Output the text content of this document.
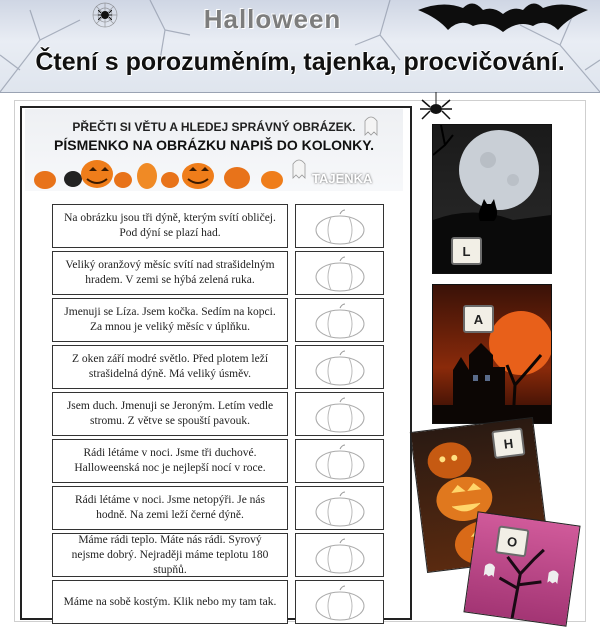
Halloween
Čtení s porozuměním, tajenka, procvičování.
PŘEČTI SI VĚTU A HLEDEJ SPRÁVNÝ OBRÁZEK.
PÍSMENKO NA OBRÁZKU NAPIŠ DO KOLONKY.
TAJENKA
Na obrázku jsou tři dýně, kterým svítí obličej. Pod dýní se plazí had.
Veliký oranžový měsíc svítí nad strašidelným hradem. V zemi se hýbá zelená ruka.
Jmenuji se Líza. Jsem kočka. Sedím na kopci. Za mnou je veliký měsíc v úplňku.
Z oken září modré světlo. Před plotem leží strašidelná dýně. Má veliký úsměv.
Jsem duch. Jmenuji se Jeroným. Letím vedle stromu. Z větve se spouští pavouk.
Rádi létáme v noci. Jsme tři duchové. Halloweenská noc je nejlepší nocí v roce.
Rádi létáme v noci. Jsme netopýři. Je nás hodně. Na zemi leží černé dýně.
Máme rádi teplo. Máte nás rádi. Syrový nejsme dobrý. Nejraději máme teplotu 180 stupňů.
Máme na sobě kostým. Klik nebo my tam tak.
L
A
H
O
